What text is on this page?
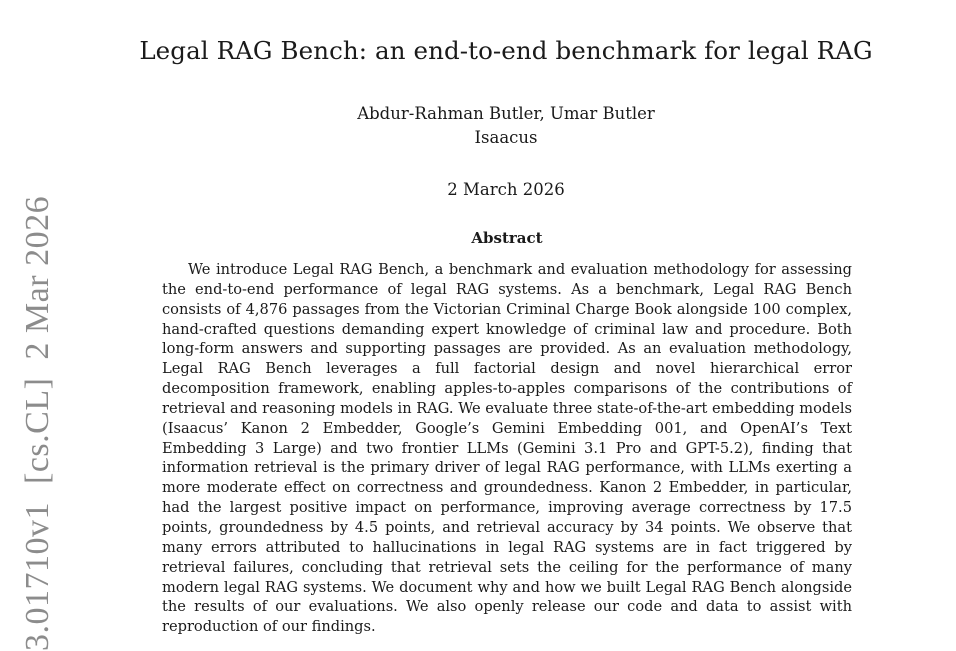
Legal RAG Bench: an end-to-end benchmark for legal RAG
Abdur-Rahman Butler, Umar Butler
Isaacus
2 March 2026
Abstract

We introduce Legal RAG Bench, a benchmark and evaluation methodology for assessing the end-to-end performance of legal RAG systems. As a benchmark, Legal RAG Bench consists of 4,876 passages from the Victorian Criminal Charge Book alongside 100 complex, hand-crafted questions demanding expert knowledge of criminal law and procedure. Both long-form answers and supporting passages are provided. As an evaluation methodology, Legal RAG Bench leverages a full factorial design and novel hierarchical error decomposition framework, enabling apples-to-apples comparisons of the contributions of retrieval and reasoning models in RAG. We evaluate three state-of-the-art embedding models (Isaacus’ Kanon 2 Embedder, Google’s Gemini Embedding 001, and OpenAI’s Text Embedding 3 Large) and two frontier LLMs (Gemini 3.1 Pro and GPT-5.2), finding that information retrieval is the primary driver of legal RAG performance, with LLMs exerting a more moderate effect on correctness and groundedness. Kanon 2 Embedder, in particular, had the largest positive impact on performance, improving average correctness by 17.5 points, groundedness by 4.5 points, and retrieval accuracy by 34 points. We observe that many errors attributed to hallucinations in legal RAG systems are in fact triggered by retrieval failures, concluding that retrieval sets the ceiling for the performance of many modern legal RAG systems. We document why and how we built Legal RAG Bench alongside the results of our evaluations. We also openly release our code and data to assist with reproduction of our findings.

3.01710v1[cs.CL]2 Mar 2026
